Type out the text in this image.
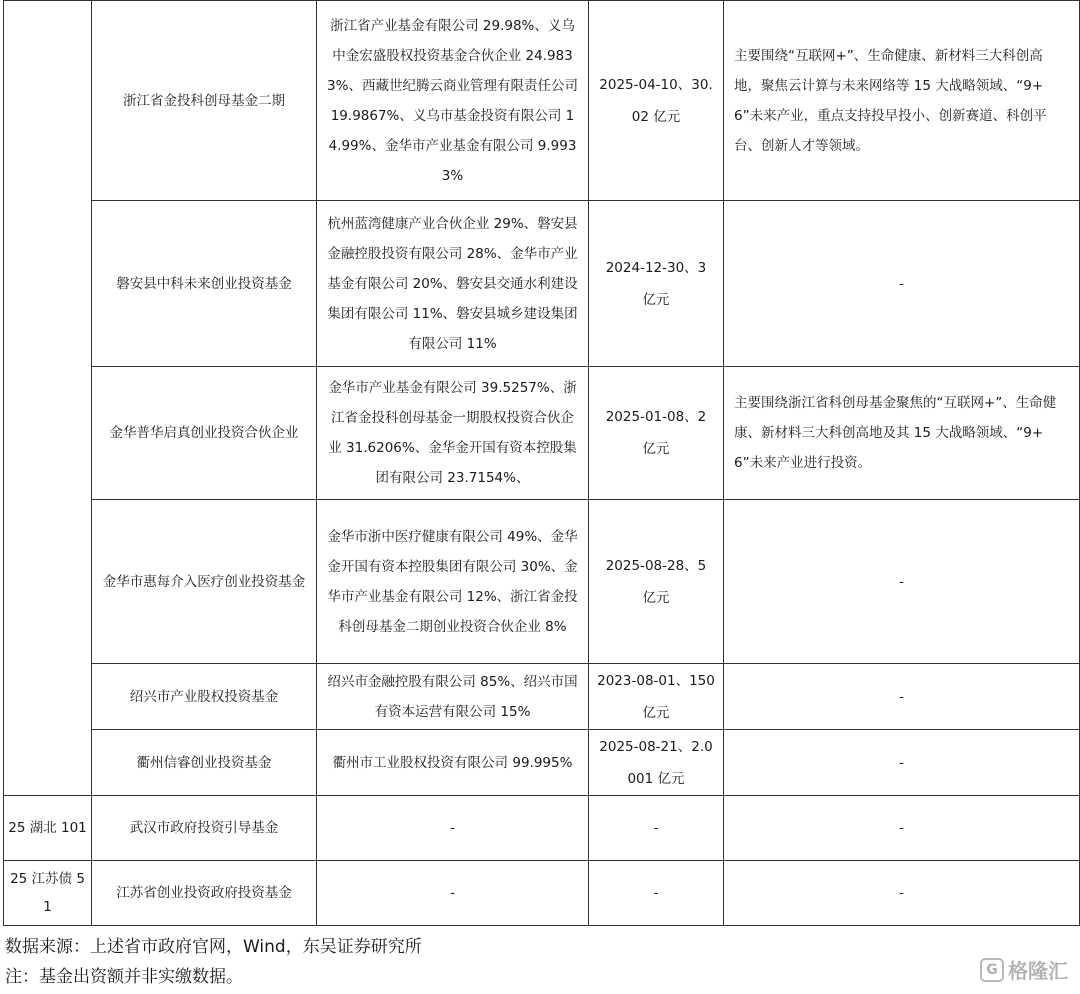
	浙江省金投科创母基金二期	浙江省产业基金有限公司 29.98%、义乌中金宏盛股权投资基金合伙企业 24.9833%、西藏世纪腾云商业管理有限责任公司 19.9867%、义乌市基金投资有限公司 14.99%、金华市产业基金有限公司 9.9933%	2025-04-10、30.02 亿元	主要围绕“互联网+”、生命健康、新材料三大科创高地，聚焦云计算与未来网络等 15 大战略领域、“9+6”未来产业，重点支持投早投小、创新赛道、科创平台、创新人才等领域。
	磐安县中科未来创业投资基金	杭州蓝湾健康产业合伙企业 29%、磐安县金融控股投资有限公司 28%、金华市产业基金有限公司 20%、磐安县交通水利建设集团有限公司 11%、磐安县城乡建设集团有限公司 11%	2024-12-30、3 亿元	-
	金华普华启真创业投资合伙企业	金华市产业基金有限公司 39.5257%、浙江省金投科创母基金一期股权投资合伙企业 31.6206%、金华金开国有资本控股集团有限公司 23.7154%、	2025-01-08、2 亿元	主要围绕浙江省科创母基金聚焦的“互联网+”、生命健康、新材料三大科创高地及其 15 大战略领域、“9+6”未来产业进行投资。
	金华市惠每介入医疗创业投资基金	金华市浙中医疗健康有限公司 49%、金华金开国有资本控股集团有限公司 30%、金华市产业基金有限公司 12%、浙江省金投科创母基金二期创业投资合伙企业 8%	2025-08-28、5 亿元	-
	绍兴市产业股权投资基金	绍兴市金融控股有限公司 85%、绍兴市国有资本运营有限公司 15%	2023-08-01、150 亿元	-
	衢州信睿创业投资基金	衢州市工业股权投资有限公司 99.995%	2025-08-21、2.0001 亿元	-
25 湖北 101	武汉市政府投资引导基金	-	-	-
25 江苏债 51	江苏省创业投资政府投资基金	-	-	-
数据来源：上述省市政府官网，Wind，东吴证券研究所
注：基金出资额并非实缴数据。	G 格隆汇
